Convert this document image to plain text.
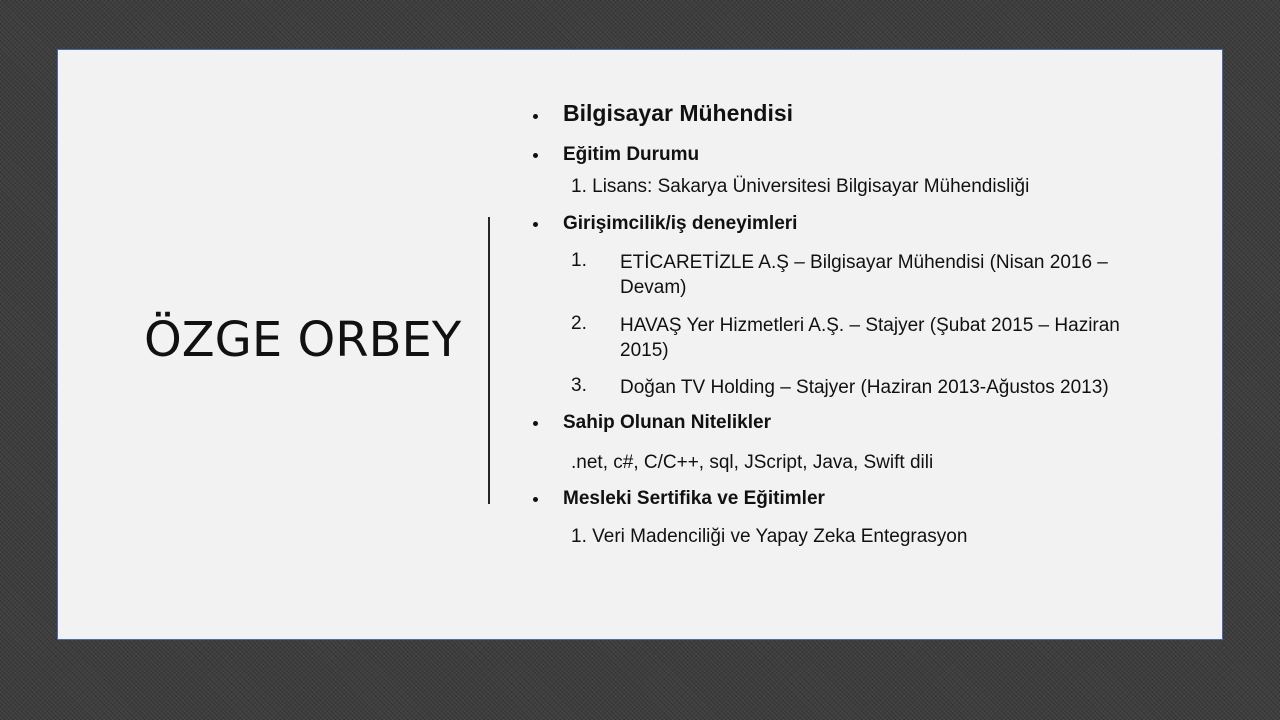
ÖZGE ORBEY
Bilgisayar Mühendisi
Eğitim Durumu
1. Lisans: Sakarya Üniversitesi Bilgisayar Mühendisliği
Girişimcilik/iş deneyimleri
1. ETİCARETİZLE A.Ş – Bilgisayar Mühendisi (Nisan 2016 – Devam)
2. HAVAŞ Yer Hizmetleri A.Ş. – Stajyer (Şubat 2015 – Haziran 2015)
3. Doğan TV Holding – Stajyer (Haziran 2013-Ağustos 2013)
Sahip Olunan Nitelikler
.net, c#, C/C++, sql, JScript, Java, Swift dili
Mesleki Sertifika ve Eğitimler
1. Veri Madenciliği ve Yapay Zeka Entegrasyon
